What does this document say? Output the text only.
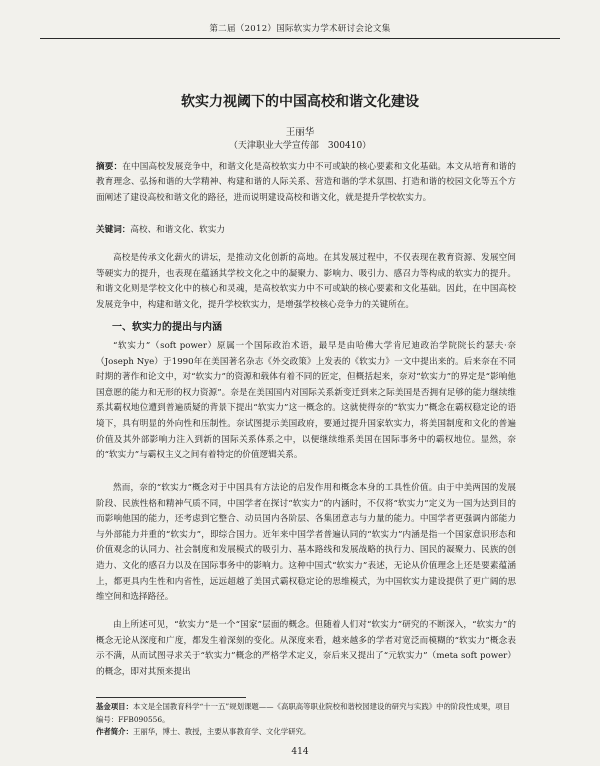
第二届（2012）国际软实力学术研讨会论文集
软实力视阈下的中国高校和谐文化建设
王丽华
（天津职业大学宣传部　300410）
摘要：在中国高校发展竞争中，和谐文化是高校软实力中不可或缺的核心要素和文化基础。本文从培育和谐的教育理念、弘扬和谐的大学精神、构建和谐的人际关系、营造和谐的学术氛围、打造和谐的校园文化等五个方面阐述了建设高校和谐文化的路径，进而说明建设高校和谐文化，就是提升学校软实力。
关键词：高校、和谐文化、软实力
高校是传承文化薪火的讲坛，是推动文化创新的高地。在其发展过程中，不仅表现在教育资源、发展空间等硬实力的提升，也表现在蕴涵其学校文化之中的凝聚力、影响力、吸引力、感召力等构成的软实力的提升。和谐文化则是学校文化中的核心和灵魂，是高校软实力中不可或缺的核心要素和文化基础。因此，在中国高校发展竞争中，构建和谐文化，提升学校软实力，是增强学校核心竞争力的关键所在。
一、软实力的提出与内涵
“软实力”（soft power）原属一个国际政治术语，最早是由哈佛大学肯尼迪政治学院院长约瑟夫·奈（Joseph Nye）于1990年在美国著名杂志《外交政策》上发表的《软实力》一文中提出来的。后来奈在不同时期的著作和论文中，对“软实力”的资源和载体有着不同的匠定，但概括起来，奈对“软实力”的界定是“影响他国意愿的能力和无形的权力资源”。奈是在美国国内对国际关系新变迁到来之际美国是否拥有足够的能力继续维系其霸权地位遭到普遍质疑的背景下提出“软实力”这一概念的。这就使得奈的“软实力”概念在霸权稳定论的语境下，具有明显的外向性和压制性。奈试图提示美国政府，要通过提升国家软实力，将美国制度和文化的普遍价值及其外部影响力注入到新的国际关系体系之中，以便继续维系美国在国际事务中的霸权地位。显然，奈的“软实力”与霸权主义之间有着特定的价值逻辑关系。
然而，奈的“软实力”概念对于中国具有方法论的启发作用和概念本身的工具性价值。由于中美两国的发展阶段、民族性格和精神气质不同，中国学者在探讨“软实力”的内涵时，不仅将“软实力”定义为一国为达到目的而影响他国的能力，还考虑到它整合、动员国内各阶层、各集团意志与力量的能力。中国学者更强调内部能力与外部能力并重的“软实力”，即综合国力。近年来中国学者普遍认同的“软实力”内涵是指一个国家意识形态和价值观念的认同力、社会制度和发展模式的吸引力、基本路线和发展战略的执行力、国民的凝聚力、民族的创造力、文化的感召力以及在国际事务中的影响力。这种中国式“软实力”表述，无论从价值理念上还是要素蕴涵上，都更具内生性和内省性，远远超越了美国式霸权稳定论的思维模式，为中国软实力建设提供了更广阔的思维空间和选择路径。
由上所述可见，“软实力”是一个“国家”层面的概念。但随着人们对“软实力”研究的不断深入，“软实力”的概念无论从深度和广度，都发生着深刻的变化。从深度来看，越来越多的学者对宽泛而模糊的“软实力”概念表示不满，从而试图寻求关于“软实力”概念的严格学术定义，奈后来又提出了“元软实力”（meta soft power）的概念，即对其预来提出
基金项目：本文是全国教育科学“十一五”规划课题——《高职高等职业院校和谐校园建设的研究与实践》中的阶段性成果，项目编号：FFB090556。
作者简介：王丽华，博士、教授，主要从事教育学、文化学研究。
414
